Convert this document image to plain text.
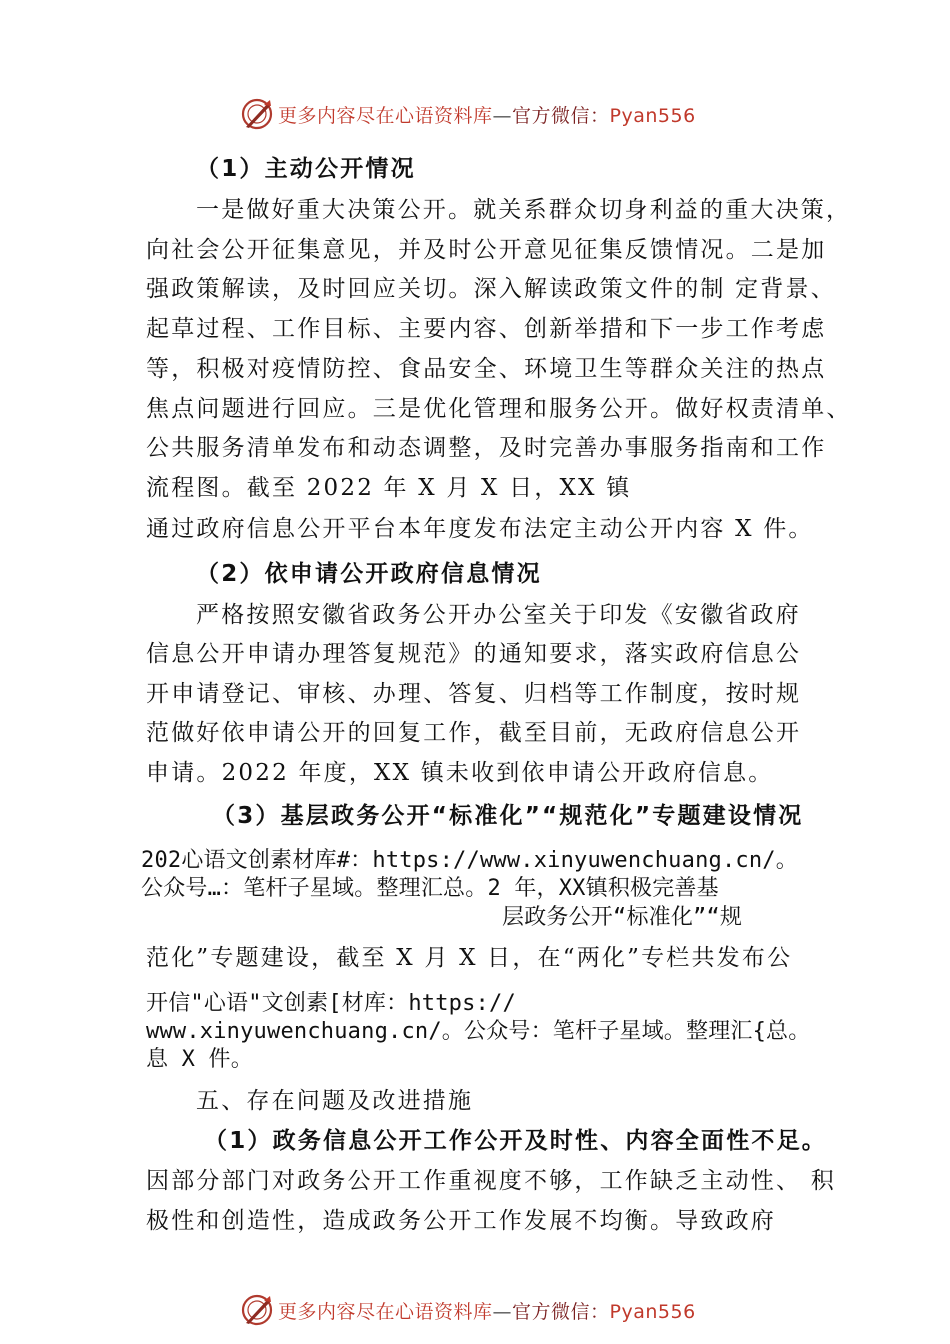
更多内容尽在心语资料库—官方微信：Pyan556
（1）主动公开情况
一是做好重大决策公开。就关系群众切身利益的重大决策，
向社会公开征集意见，并及时公开意见征集反馈情况。二是加
强政策解读，及时回应关切。深入解读政策文件的制 定背景、
起草过程、工作目标、主要内容、创新举措和下一步工作考虑
等，积极对疫情防控、食品安全、环境卫生等群众关注的热点
焦点问题进行回应。三是优化管理和服务公开。做好权责清单、
公共服务清单发布和动态调整，及时完善办事服务指南和工作
流程图。截至 2022 年 X 月 X 日，XX 镇
通过政府信息公开平台本年度发布法定主动公开内容 X 件。
（2）依申请公开政府信息情况
严格按照安徽省政务公开办公室关于印发《安徽省政府
信息公开申请办理答复规范》的通知要求，落实政府信息公
开申请登记、审核、办理、答复、归档等工作制度，按时规
范做好依申请公开的回复工作，截至目前，无政府信息公开
申请。2022 年度，XX 镇未收到依申请公开政府信息。
（3）基层政务公开“标准化”“规范化”专题建设情况
202心语文创素材库#：https://www.xinyuwenchuang.cn/。
公众号…：笔杆子星域。整理汇总。2 年，XX镇积极完善基
层政务公开“标准化”“规
范化”专题建设，截至 X 月 X 日，在“两化”专栏共发布公
开信"心语"文创素[材库：https://
www.xinyuwenchuang.cn/。公众号：笔杆子星域。整理汇{总。
息 X 件。
五、存在问题及改进措施
（1）政务信息公开工作公开及时性、内容全面性不足。
因部分部门对政务公开工作重视度不够，工作缺乏主动性、 积
极性和创造性，造成政务公开工作发展不均衡。导致政府
更多内容尽在心语资料库—官方微信：Pyan556
